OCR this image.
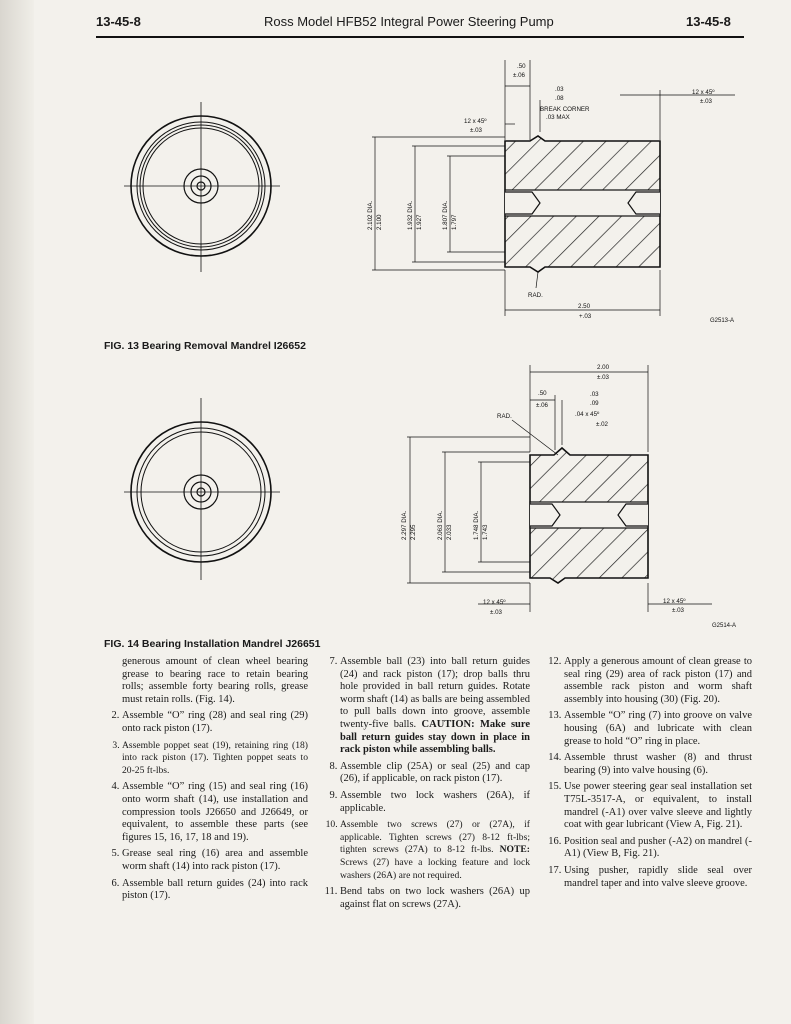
13-45-8	Ross Model HFB52 Integral Power Steering Pump	13-45-8
.50
±.06
.03
.08
BREAK CORNER
.03 MAX
12 x 45º
±.03
12 x 45º
±.03
2.102 DIA. 2.100	1.932 DIA. 1.927	1.807 DIA. 1.797
RAD.
2.50
+.03
G2513-A
2.00
±.03
.50
±.06
RAD.
.03
.09
.04 x 45º
±.02
2.297 DIA. 2.295	2.063 DIA. 2.033	1.748 DIA. 1.743
12 x 45º
±.03
12 x 45º
±.03
G2514-A
FIG. 13 Bearing Removal Mandrel I26652
FIG. 14 Bearing Installation Mandrel J26651

generous amount of clean wheel bearing grease to bearing race to retain bearing rolls; assemble forty bearing rolls, grease must retain rolls. (Fig. 14).

2. Assemble “O” ring (28) and seal ring (29) onto rack piston (17).
3. Assemble poppet seat (19), retaining ring (18) into rack piston (17). Tighten poppet seats to 20-25 ft-lbs.
4. Assemble “O” ring (15) and seal ring (16) onto worm shaft (14), use installation and compression tools J26650 and J26649, or equivalent, to assemble these parts (see figures 15, 16, 17, 18 and 19).
5. Grease seal ring (16) area and assemble worm shaft (14) into rack piston (17).
6. Assemble ball return guides (24) into rack piston (17).
7. Assemble ball (23) into ball return guides (24) and rack piston (17); drop balls thru hole provided in ball return guides. Rotate worm shaft (14) as balls are being assembled to pull balls down into groove, assemble twenty-five balls. CAUTION: Make sure ball return guides stay down in place in rack piston while assembling balls.
8. Assemble clip (25A) or seal (25) and cap (26), if applicable, on rack piston (17).
9. Assemble two lock washers (26A), if applicable.
10. Assemble two screws (27) or (27A), if applicable. Tighten screws (27) 8-12 ft-lbs; tighten screws (27A) to 8-12 ft-lbs. NOTE: Screws (27) have a locking feature and lock washers (26A) are not required.
11. Bend tabs on two lock washers (26A) up against flat on screws (27A).
12. Apply a generous amount of clean grease to seal ring (29) area of rack piston (17) and assemble rack piston and worm shaft assembly into housing (30) (Fig. 20).
13. Assemble “O” ring (7) into groove on valve housing (6A) and lubricate with clean grease to hold “O” ring in place.
14. Assemble thrust washer (8) and thrust bearing (9) into valve housing (6).
15. Use power steering gear seal installation set T75L-3517-A, or equivalent, to install mandrel (-A1) over valve sleeve and lightly coat with gear lubricant (View A, Fig. 21).
16. Position seal and pusher (-A2) on mandrel (-A1) (View B, Fig. 21).
17. Using pusher, rapidly slide seal over mandrel taper and into valve sleeve groove.
